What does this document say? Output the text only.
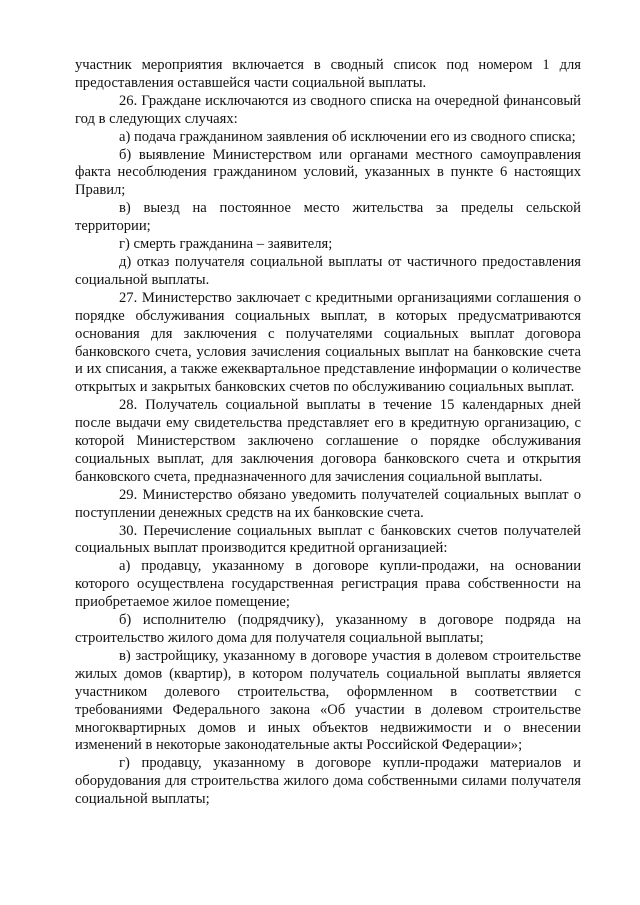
участник мероприятия включается в сводный список под номером 1 для предоставления оставшейся части социальной выплаты.

26. Граждане исключаются из сводного списка на очередной финансовый год в следующих случаях:

а) подача гражданином заявления об исключении его из сводного списка;

б) выявление Министерством или органами местного самоуправления факта несоблюдения гражданином условий, указанных в пункте 6 настоящих Правил;

в) выезд на постоянное место жительства за пределы сельской территории;

г) смерть гражданина – заявителя;

д) отказ получателя социальной выплаты от частичного предоставления социальной выплаты.

27. Министерство заключает с кредитными организациями соглашения о порядке обслуживания социальных выплат, в которых предусматриваются основания для заключения с получателями социальных выплат договора банковского счета, условия зачисления социальных выплат на банковские счета и их списания, а также ежеквартальное представление информации о количестве открытых и закрытых банковских счетов по обслуживанию социальных выплат.

28. Получатель социальной выплаты в течение 15 календарных дней после выдачи ему свидетельства представляет его в кредитную организацию, с которой Министерством заключено соглашение о порядке обслуживания социальных выплат, для заключения договора банковского счета и открытия банковского счета, предназначенного для зачисления социальной выплаты.

29. Министерство обязано уведомить получателей социальных выплат о поступлении денежных средств на их банковские счета.

30. Перечисление социальных выплат с банковских счетов получателей социальных выплат производится кредитной организацией:

а) продавцу, указанному в договоре купли-продажи, на основании которого осуществлена государственная регистрация права собственности на приобретаемое жилое помещение;

б) исполнителю (подрядчику), указанному в договоре подряда на строительство жилого дома для получателя социальной выплаты;

в) застройщику, указанному в договоре участия в долевом строительстве жилых домов (квартир), в котором получатель социальной выплаты является участником долевого строительства, оформленном в соответствии с требованиями Федерального закона «Об участии в долевом строительстве многоквартирных домов и иных объектов недвижимости и о внесении изменений в некоторые законодательные акты Российской Федерации»;

г) продавцу, указанному в договоре купли-продажи материалов и оборудования для строительства жилого дома собственными силами получателя социальной выплаты;
